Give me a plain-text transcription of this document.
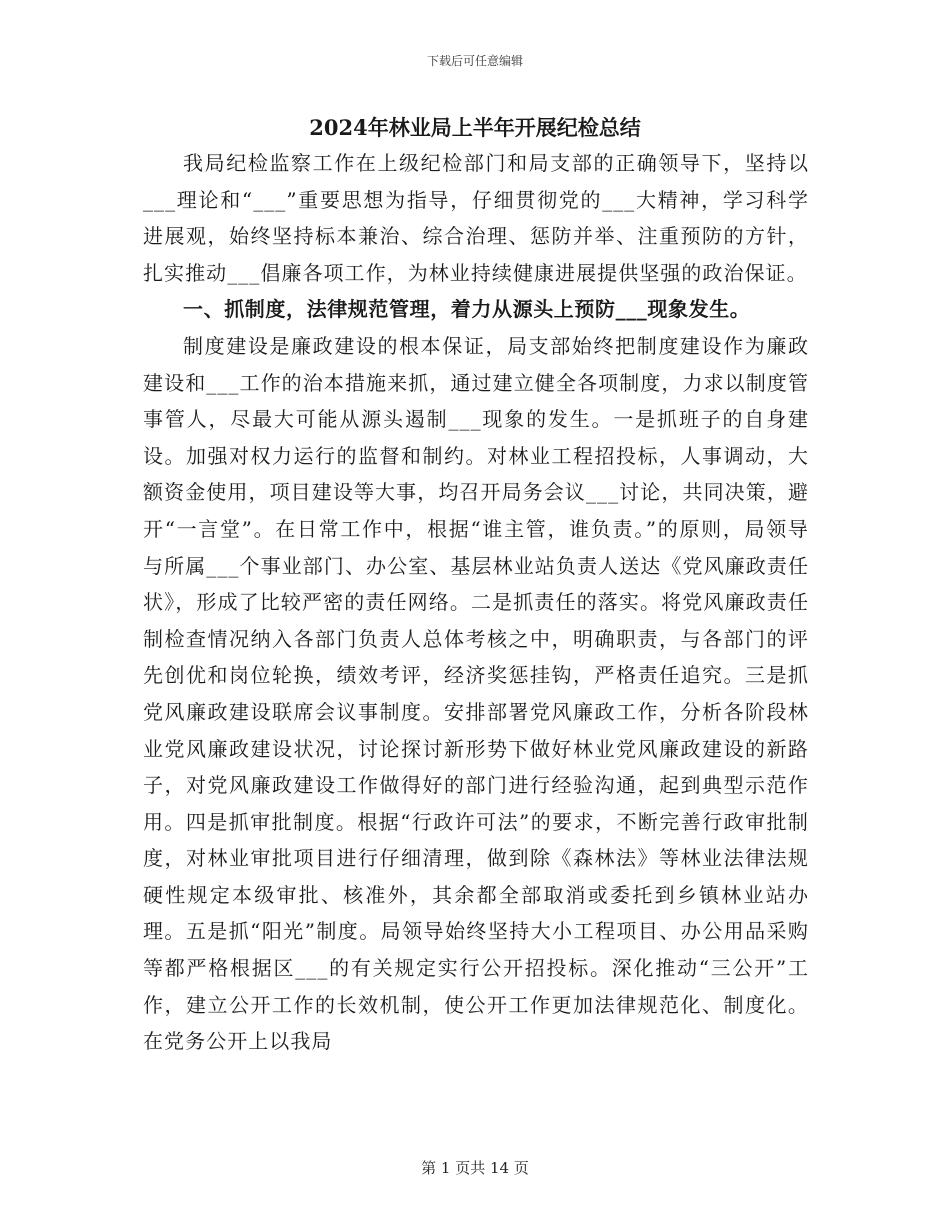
下载后可任意编辑
2024年林业局上半年开展纪检总结

我局纪检监察工作在上级纪检部门和局支部的正确领导下，坚持以___理论和“___”重要思想为指导，仔细贯彻党的___大精神，学习科学进展观，始终坚持标本兼治、综合治理、惩防并举、注重预防的方针，扎实推动___倡廉各项工作，为林业持续健康进展提供坚强的政治保证。

一、抓制度，法律规范管理，着力从源头上预防___现象发生。

制度建设是廉政建设的根本保证，局支部始终把制度建设作为廉政建设和___工作的治本措施来抓，通过建立健全各项制度，力求以制度管事管人，尽最大可能从源头遏制___现象的发生。一是抓班子的自身建设。加强对权力运行的监督和制约。对林业工程招投标，人事调动，大额资金使用，项目建设等大事，均召开局务会议___讨论，共同决策，避开“一言堂”。在日常工作中，根据“谁主管，谁负责。”的原则，局领导与所属___个事业部门、办公室、基层林业站负责人送达《党风廉政责任状》，形成了比较严密的责任网络。二是抓责任的落实。将党风廉政责任制检查情况纳入各部门负责人总体考核之中，明确职责，与各部门的评先创优和岗位轮换，绩效考评，经济奖惩挂钩，严格责任追究。三是抓党风廉政建设联席会议事制度。安排部署党风廉政工作，分析各阶段林业党风廉政建设状况，讨论探讨新形势下做好林业党风廉政建设的新路子，对党风廉政建设工作做得好的部门进行经验沟通，起到典型示范作用。四是抓审批制度。根据“行政许可法”的要求，不断完善行政审批制度，对林业审批项目进行仔细清理，做到除《森林法》等林业法律法规硬性规定本级审批、核准外，其余都全部取消或委托到乡镇林业站办理。五是抓“阳光”制度。局领导始终坚持大小工程项目、办公用品采购等都严格根据区___的有关规定实行公开招投标。深化推动“三公开”工作，建立公开工作的长效机制，使公开工作更加法律规范化、制度化。在党务公开上以我局

第 1 页共 14 页
